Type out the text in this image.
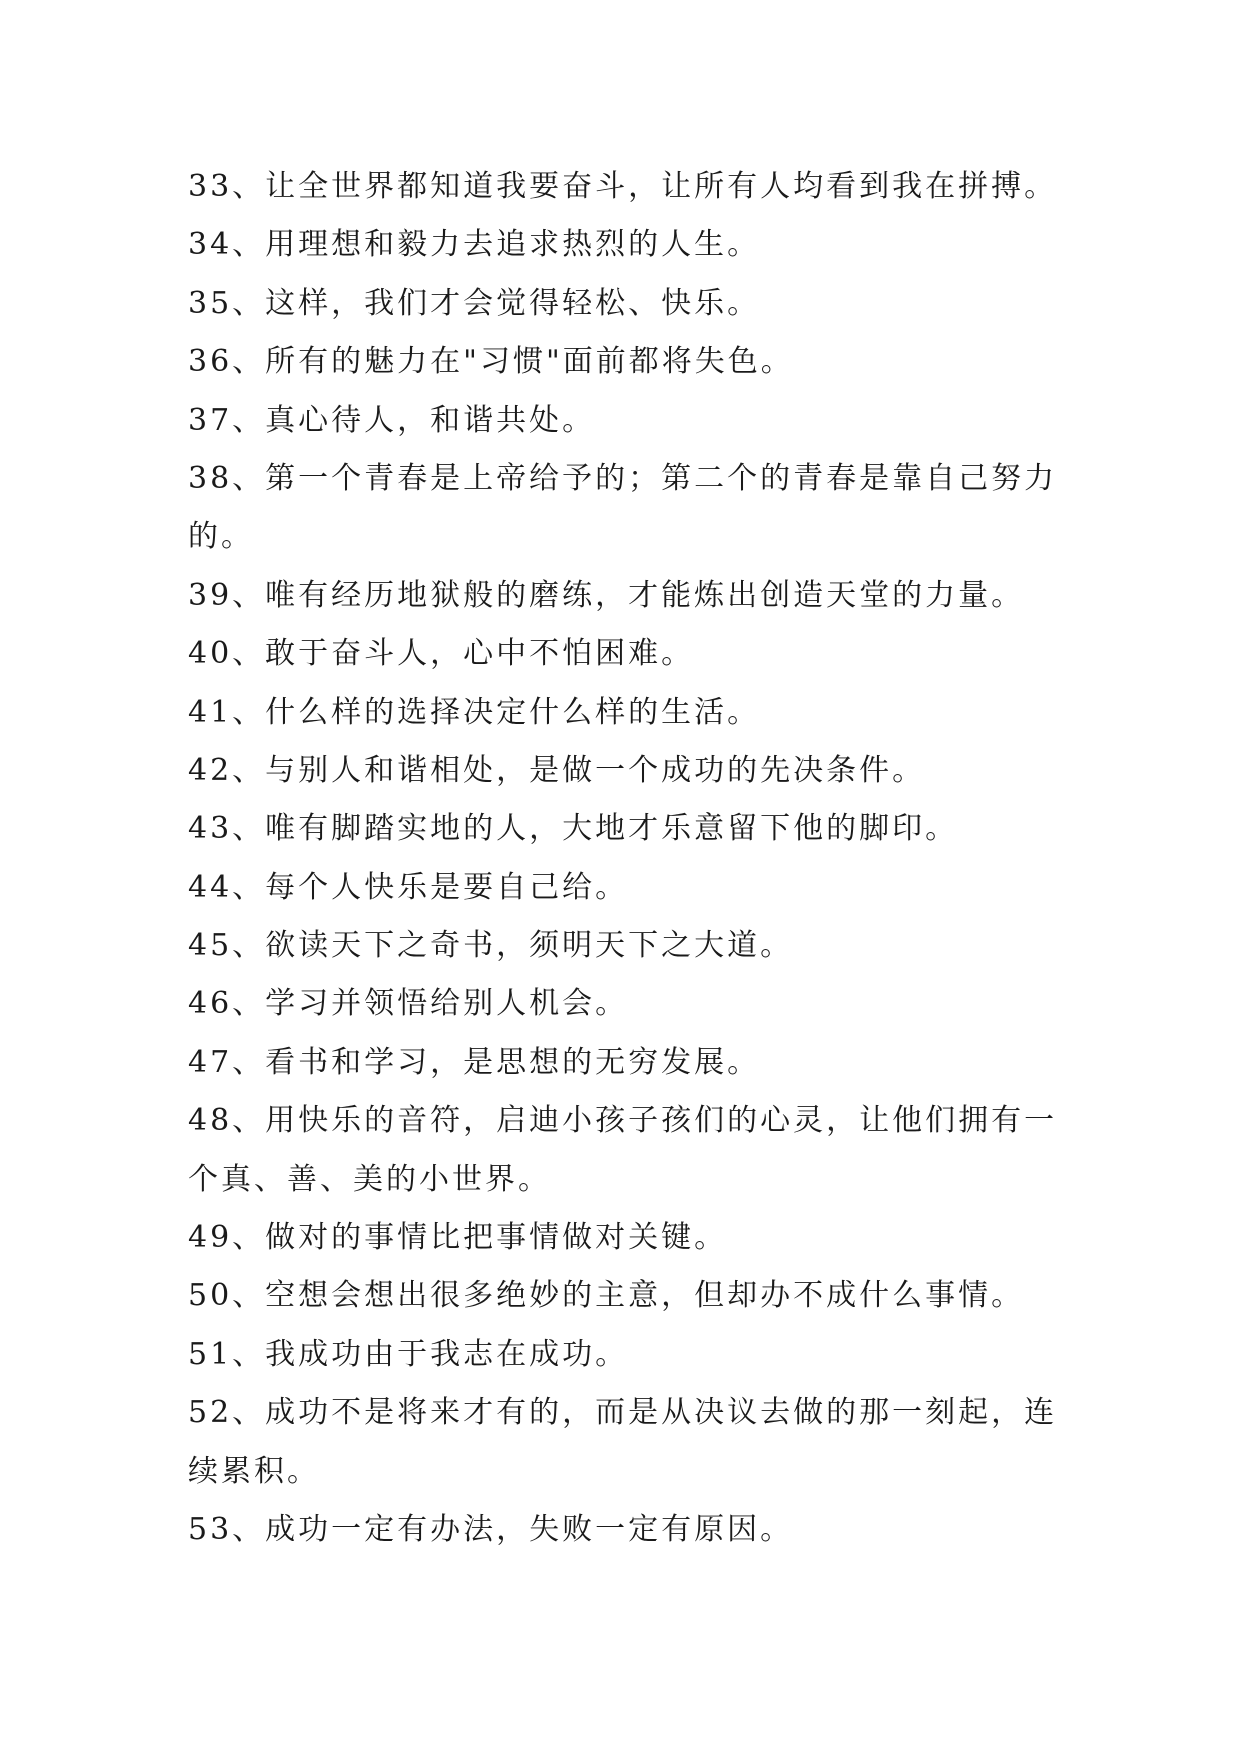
33、让全世界都知道我要奋斗，让所有人均看到我在拼搏。
34、用理想和毅力去追求热烈的人生。
35、这样，我们才会觉得轻松、快乐。
36、所有的魅力在"习惯"面前都将失色。
37、真心待人，和谐共处。
38、第一个青春是上帝给予的；第二个的青春是靠自己努力
的。
39、唯有经历地狱般的磨练，才能炼出创造天堂的力量。
40、敢于奋斗人，心中不怕困难。
41、什么样的选择决定什么样的生活。
42、与别人和谐相处，是做一个成功的先决条件。
43、唯有脚踏实地的人，大地才乐意留下他的脚印。
44、每个人快乐是要自己给。
45、欲读天下之奇书，须明天下之大道。
46、学习并领悟给别人机会。
47、看书和学习，是思想的无穷发展。
48、用快乐的音符，启迪小孩子孩们的心灵，让他们拥有一
个真、善、美的小世界。
49、做对的事情比把事情做对关键。
50、空想会想出很多绝妙的主意，但却办不成什么事情。
51、我成功由于我志在成功。
52、成功不是将来才有的，而是从决议去做的那一刻起，连
续累积。
53、成功一定有办法，失败一定有原因。
